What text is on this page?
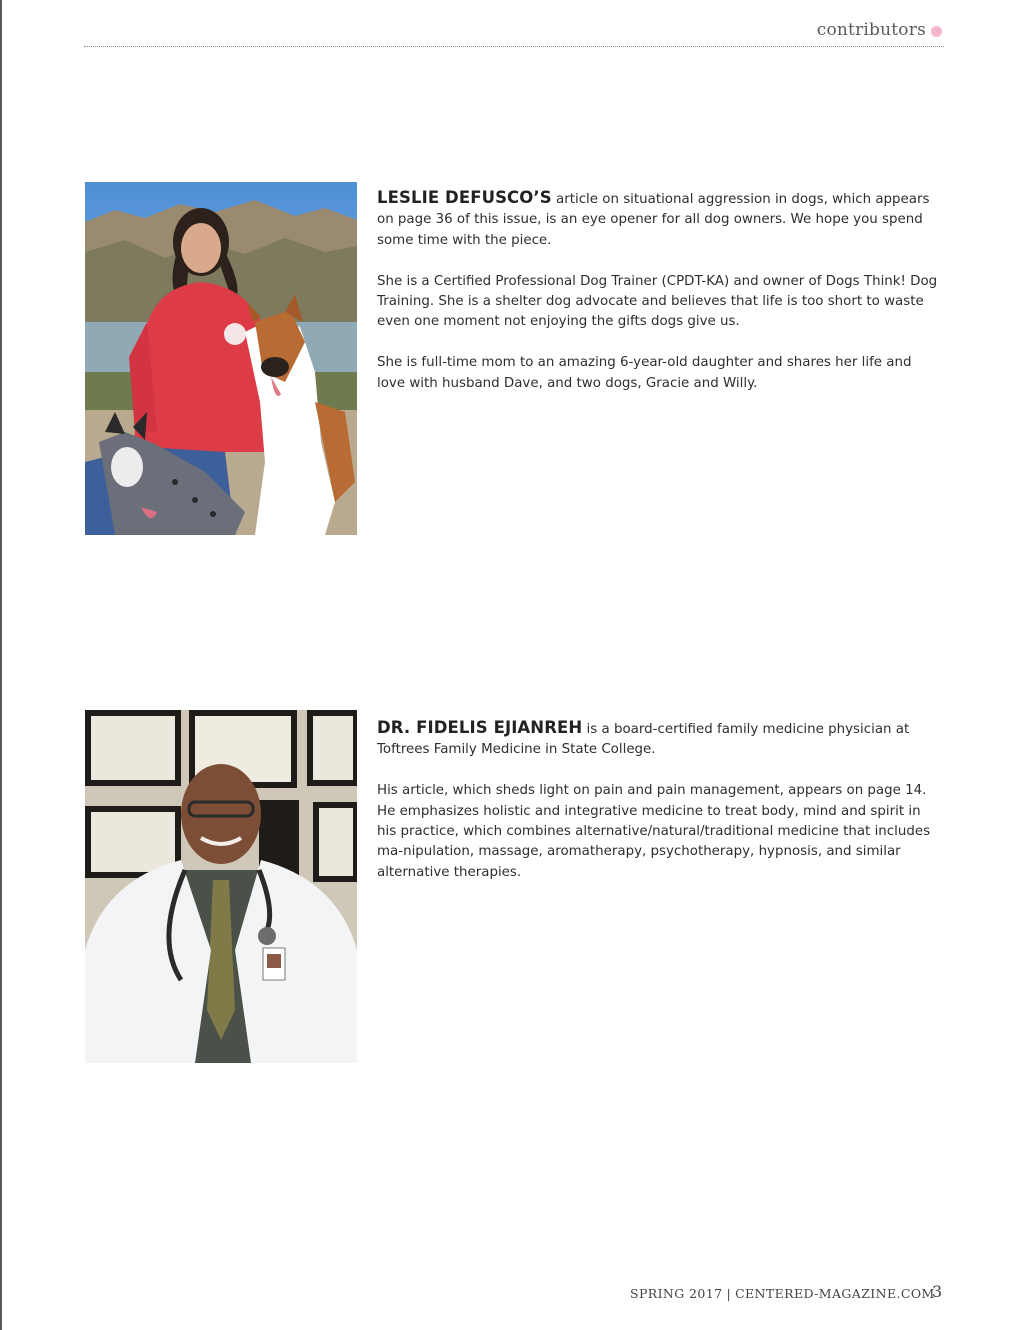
contributors

LESLIE DEFUSCO’S article on situational aggression in dogs, which appears on page 36 of this issue, is an eye opener for all dog owners. We hope you spend some time with the piece.

She is a Certified Professional Dog Trainer (CPDT-KA) and owner of Dogs Think! Dog Training. She is a shelter dog advocate and believes that life is too short to waste even one moment not enjoying the gifts dogs give us.

She is full-time mom to an amazing 6-year-old daughter and shares her life and love with husband Dave, and two dogs, Gracie and Willy.

DR. FIDELIS EJIANREH is a board-certified family medicine physician at Toftrees Family Medicine in State College.

His article, which sheds light on pain and pain management, appears on page 14. He emphasizes holistic and integrative medicine to treat body, mind and spirit in his practice, which combines alternative/natural/traditional medicine that includes ma-nipulation, massage, aromatherapy, psychotherapy, hypnosis, and similar alternative therapies.

SPRING 2017 | CENTERED-MAGAZINE.COM
3
